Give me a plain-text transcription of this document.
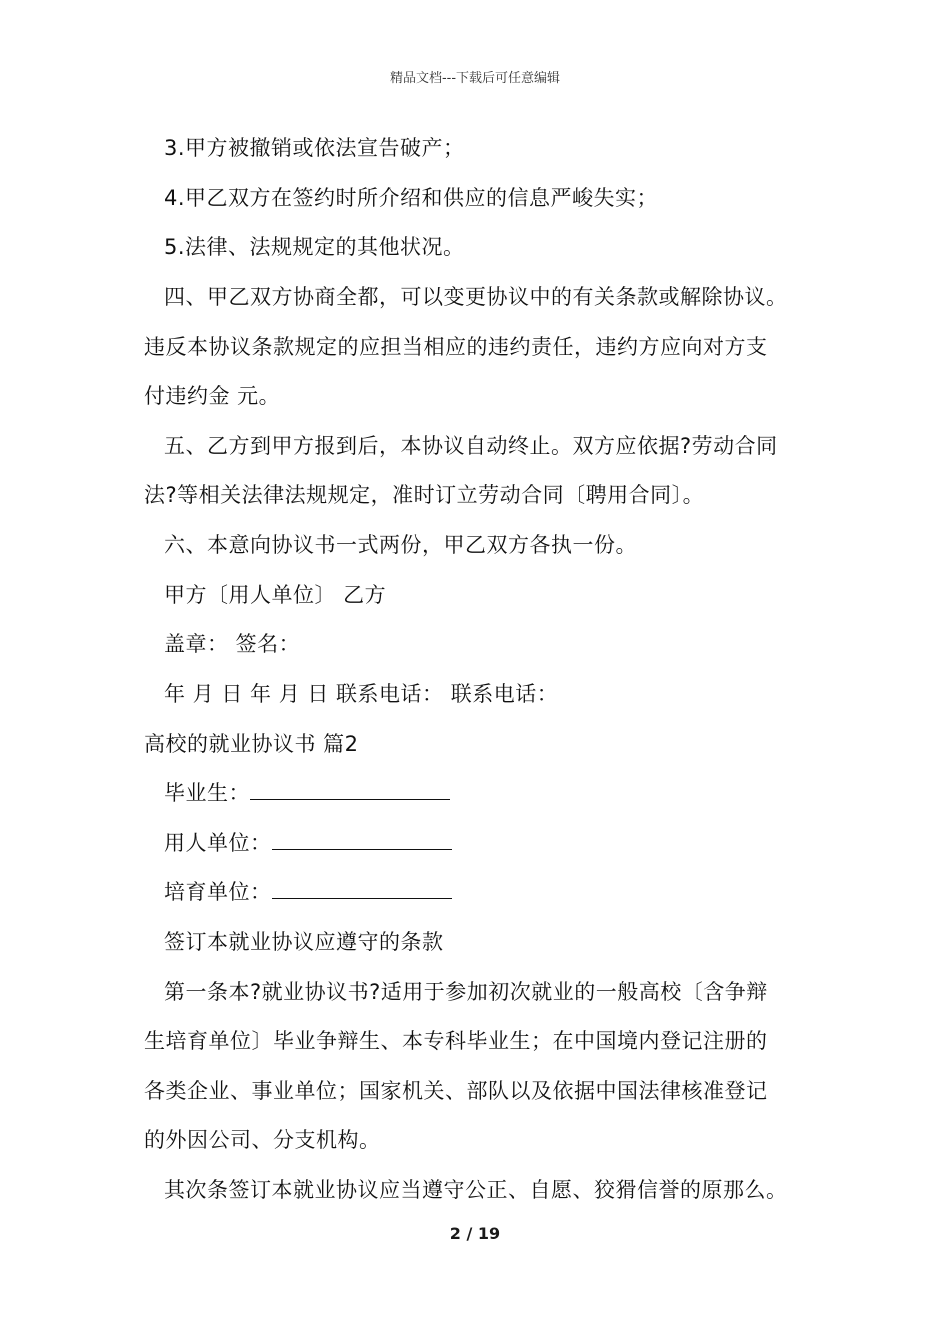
精品文档---下载后可任意编辑
3.甲方被撤销或依法宣告破产；
4.甲乙双方在签约时所介绍和供应的信息严峻失实；
5.法律、法规规定的其他状况。
四、甲乙双方协商全都，可以变更协议中的有关条款或解除协议。
违反本协议条款规定的应担当相应的违约责任，违约方应向对方支
付违约金 元。
五、乙方到甲方报到后，本协议自动终止。双方应依据?劳动合同
法?等相关法律法规规定，准时订立劳动合同〔聘用合同〕。
六、本意向协议书一式两份，甲乙双方各执一份。
甲方〔用人单位〕 乙方
盖章： 签名：
年 月 日 年 月 日 联系电话： 联系电话：
高校的就业协议书 篇2
毕业生：
用人单位：
培育单位：
签订本就业协议应遵守的条款
第一条本?就业协议书?适用于参加初次就业的一般高校〔含争辩
生培育单位〕毕业争辩生、本专科毕业生；在中国境内登记注册的
各类企业、事业单位；国家机关、部队以及依据中国法律核准登记
的外因公司、分支机构。
其次条签订本就业协议应当遵守公正、自愿、狡猾信誉的原那么。
2 / 19
